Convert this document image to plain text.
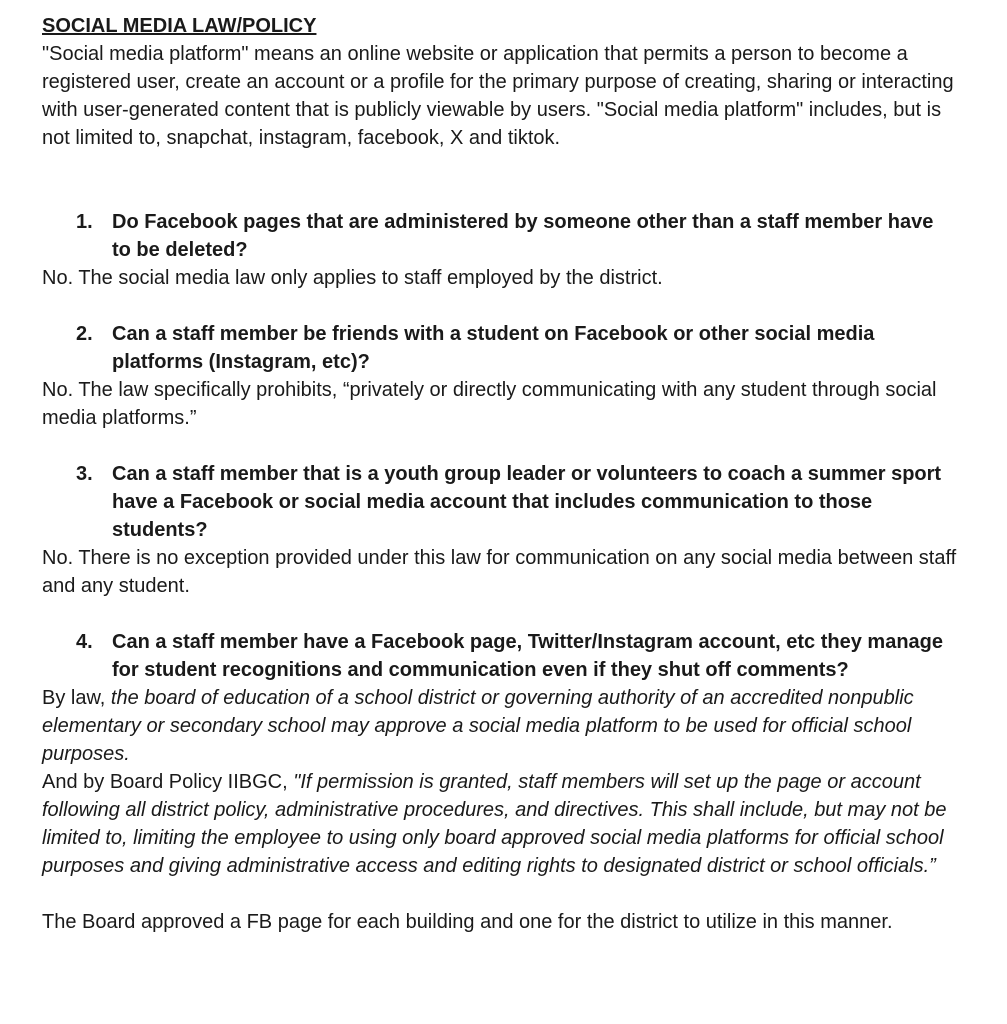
SOCIAL MEDIA LAW/POLICY

"Social media platform" means an online website or application that permits a person to become a registered user, create an account or a profile for the primary purpose of creating, sharing or interacting with user-generated content that is publicly viewable by users. "Social media platform" includes, but is not limited to, snapchat, instagram, facebook, X and tiktok.

1. Do Facebook pages that are administered by someone other than a staff member have to be deleted?

No. The social media law only applies to staff employed by the district.

2. Can a staff member be friends with a student on Facebook or other social media platforms (Instagram, etc)?

No. The law specifically prohibits, “privately or directly communicating with any student through social media platforms.”

3. Can a staff member that is a youth group leader or volunteers to coach a summer sport have a Facebook or social media account that includes communication to those students?

No. There is no exception provided under this law for communication on any social media between staff and any student.

4. Can a staff member have a Facebook page, Twitter/Instagram account, etc they manage for student recognitions and communication even if they shut off comments?

By law, the board of education of a school district or governing authority of an accredited nonpublic elementary or secondary school may approve a social media platform to be used for official school purposes.

And by Board Policy IIBGC, "If permission is granted, staff members will set up the page or account following all district policy, administrative procedures, and directives. This shall include, but may not be limited to, limiting the employee to using only board approved social media platforms for official school purposes and giving administrative access and editing rights to designated district or school officials.”

The Board approved a FB page for each building and one for the district to utilize in this manner.
